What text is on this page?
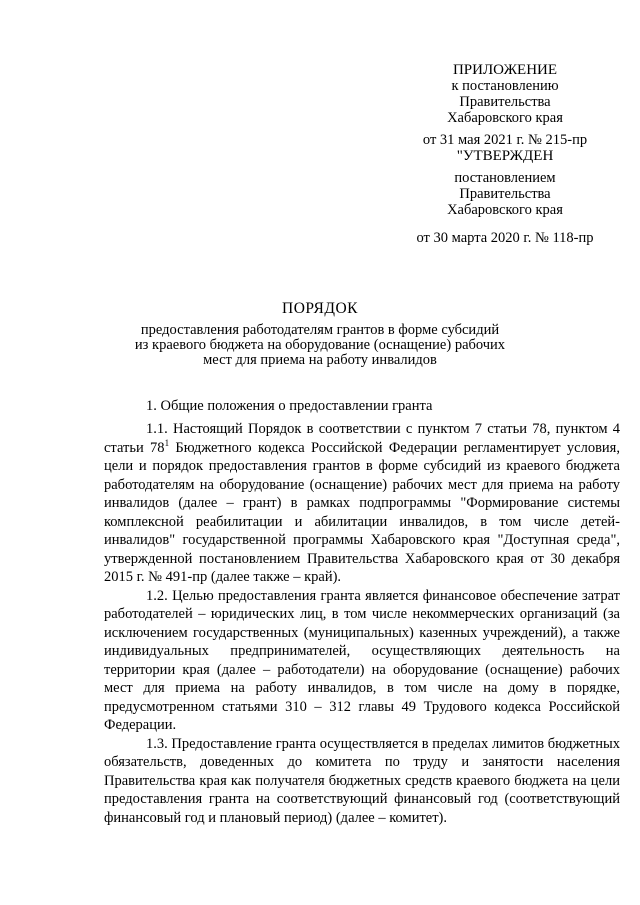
ПРИЛОЖЕНИЕ
к постановлению
Правительства
Хабаровского края
от 31 мая 2021 г. № 215-пр
"УТВЕРЖДЕН
постановлением
Правительства
Хабаровского края
от 30 марта 2020 г. № 118-пр
ПОРЯДОК
предоставления работодателям грантов в форме субсидий
из краевого бюджета на оборудование (оснащение) рабочих
мест для приема на работу инвалидов
1. Общие положения о предоставлении гранта

1.1. Настоящий Порядок в соответствии с пунктом 7 статьи 78, пунктом 4 статьи $78^1$ Бюджетного кодекса Российской Федерации регламентирует условия, цели и порядок предоставления грантов в форме субсидий из краевого бюджета работодателям на оборудование (оснащение) рабочих мест для приема на работу инвалидов (далее – грант) в рамках подпрограммы "Формирование системы комплексной реабилитации и абилитации инвалидов, в том числе детей-инвалидов" государственной программы Хабаровского края "Доступная среда", утвержденной постановлением Правительства Хабаровского края от 30 декабря 2015 г. № 491-пр (далее также – край).

1.2. Целью предоставления гранта является финансовое обеспечение затрат работодателей – юридических лиц, в том числе некоммерческих организаций (за исключением государственных (муниципальных) казенных учреждений), а также индивидуальных предпринимателей, осуществляющих деятельность на территории края (далее – работодатели) на оборудование (оснащение) рабочих мест для приема на работу инвалидов, в том числе на дому в порядке, предусмотренном статьями 310 – 312 главы 49 Трудового кодекса Российской Федерации.

1.3. Предоставление гранта осуществляется в пределах лимитов бюджетных обязательств, доведенных до комитета по труду и занятости населения Правительства края как получателя бюджетных средств краевого бюджета на цели предоставления гранта на соответствующий финансовый год (соответствующий финансовый год и плановый период) (далее – комитет).
